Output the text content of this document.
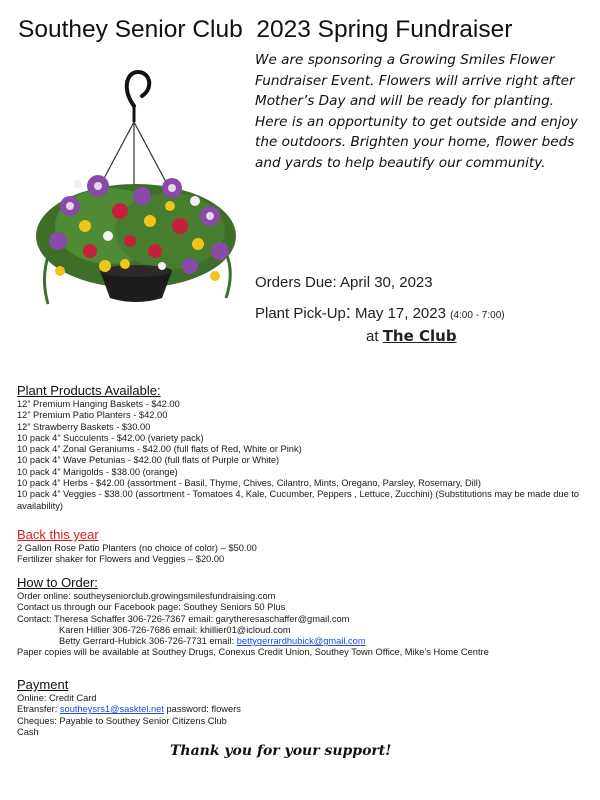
Southey Senior Club  2023 Spring Fundraiser
We are sponsoring a Growing Smiles Flower Fundraiser Event. Flowers will arrive right after Mother’s Day and will be ready for planting. Here is an opportunity to get outside and enjoy the outdoors. Brighten your home, flower beds and yards to help beautify our community.
Orders Due: April 30, 2023
Plant Pick-Up: May 17, 2023 (4:00 - 7:00)
at The Club
Plant Products Available:
12” Premium Hanging Baskets - $42.00
12” Premium Patio Planters - $42.00
12” Strawberry Baskets - $30.00
10 pack 4” Succulents - $42.00 (variety pack)
10 pack 4” Zonal Geraniums - $42.00 (full flats of Red, White or Pink)
10 pack 4” Wave Petunias - $42.00 (full flats of Purple or White)
10 pack 4” Marigolds - $38.00 (orange)
10 pack 4” Herbs - $42.00 (assortment - Basil, Thyme, Chives, Cilantro, Mints, Oregano, Parsley, Rosemary, Dill)
10 pack 4” Veggies - $38.00 (assortment - Tomatoes 4, Kale, Cucumber, Peppers , Lettuce, Zucchini) (Substitutions may be made due to availability)
Back this year
2 Gallon Rose Patio Planters (no choice of color) – $50.00
Fertilizer shaker for Flowers and Veggies – $20.00
How to Order:
Order online: southeyseniorclub.growingsmilesfundraising.com
Contact us through our Facebook page: Southey Seniors 50 Plus
Contact: Theresa Schaffer 306-726-7367 email: garytheresaschaffer@gmail.com
Karen Hillier 306-726-7686 email: khillier01@icloud.com
Betty Gerrard-Hubick 306-726-7731 email: bettygerrardhubick@gmail.com
Paper copies will be available at Southey Drugs, Conexus Credit Union, Southey Town Office, Mike’s Home Centre
Payment
Online: Credit Card
Etransfer: southeysrs1@sasktel.net password: flowers
Cheques: Payable to Southey Senior Citizens Club
Cash
Thank you for your support!
